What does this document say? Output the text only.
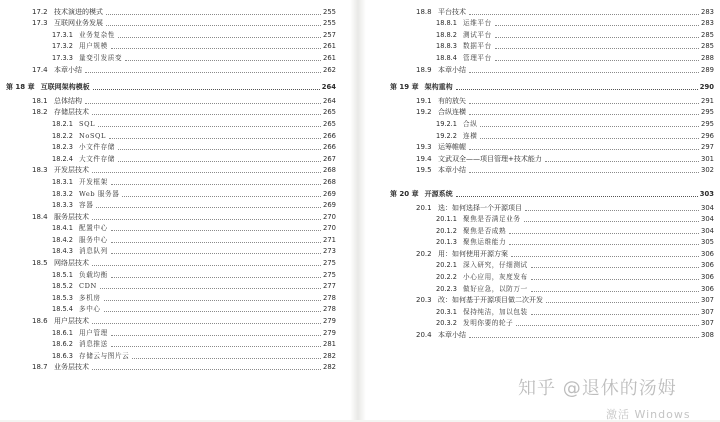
17.2 技术演进的模式	255
17.3 互联网业务发展	255
17.3.1 业务复杂性	257
17.3.2 用户规模	261
17.3.3 量变引发质变	261
17.4 本章小结	262
第 18 章 互联网架构模板	264
18.1 总体结构	264
18.2 存储层技术	265
18.2.1 SQL	265
18.2.2 NoSQL	266
18.2.3 小文件存储	266
18.2.4 大文件存储	267
18.3 开发层技术	268
18.3.1 开发框架	268
18.3.2 Web 服务器	269
18.3.3 容器	269
18.4 服务层技术	270
18.4.1 配置中心	270
18.4.2 服务中心	271
18.4.3 消息队列	273
18.5 网络层技术	275
18.5.1 负载均衡	275
18.5.2 CDN	277
18.5.3 多机房	278
18.5.4 多中心	278
18.6 用户层技术	279
18.6.1 用户管理	279
18.6.2 消息推送	281
18.6.3 存储云与图片云	282
18.7 业务层技术	282
18.8 平台技术	283
18.8.1 运维平台	283
18.8.2 测试平台	285
18.8.3 数据平台	285
18.8.4 管理平台	288
18.9 本章小结	289
第 19 章 架构重构	290
19.1 有的放矢	291
19.2 合纵连横	295
19.2.1 合纵	295
19.2.2 连横	296
19.3 运筹帷幄	297
19.4 文武双全——项目管理+技术能力	301
19.5 本章小结	302
第 20 章 开源系统	303
20.1 选：如何选择一个开源项目	304
20.1.1 聚焦是否满足业务	304
20.1.2 聚焦是否成熟	304
20.1.3 聚焦运维能力	305
20.2 用：如何使用开源方案	306
20.2.1 深入研究，仔细测试	306
20.2.2 小心应用，灰度发布	306
20.2.3 做好应急，以防万一	306
20.3 改：如何基于开源项目做二次开发	307
20.3.1 保持纯洁，加以包装	307
20.3.2 发明你要的轮子	307
20.4 本章小结	308
知乎 @退休的汤姆
激活 Windows
